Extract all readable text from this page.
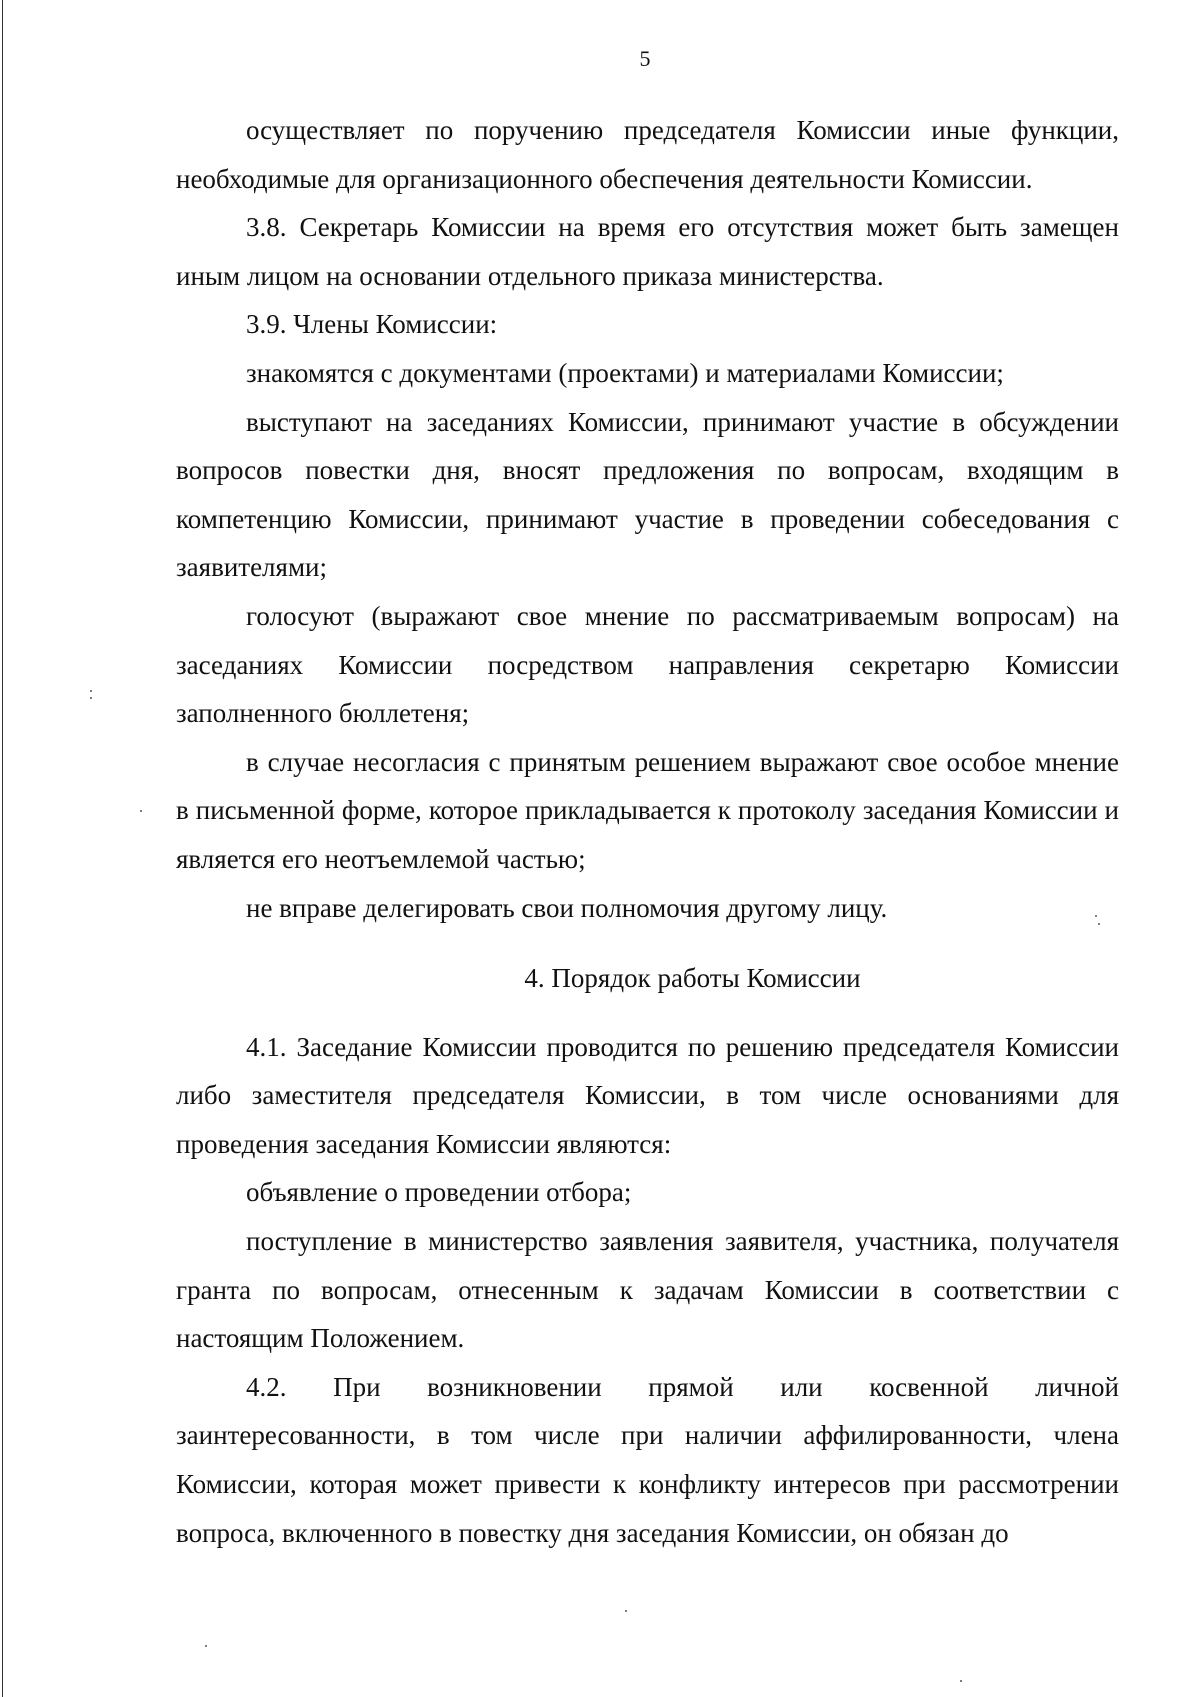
5

осуществляет по поручению председателя Комиссии иные функции, необходимые для организационного обеспечения деятельности Комиссии.

3.8. Секретарь Комиссии на время его отсутствия может быть замещен иным лицом на основании отдельного приказа министерства.

3.9. Члены Комиссии:

знакомятся с документами (проектами) и материалами Комиссии;

выступают на заседаниях Комиссии, принимают участие в обсуждении вопросов повестки дня, вносят предложения по вопросам, входящим в компетенцию Комиссии, принимают участие в проведении собеседования с заявителями;

голосуют (выражают свое мнение по рассматриваемым вопросам) на заседаниях Комиссии посредством направления секретарю Комиссии заполненного бюллетеня;

в случае несогласия с принятым решением выражают свое особое мнение в письменной форме, которое прикладывается к протоколу заседания Комиссии и является его неотъемлемой частью;

не вправе делегировать свои полномочия другому лицу.

4. Порядок работы Комиссии

4.1. Заседание Комиссии проводится по решению председателя Комиссии либо заместителя председателя Комиссии, в том числе основаниями для проведения заседания Комиссии являются:

объявление о проведении отбора;

поступление в министерство заявления заявителя, участника, получателя гранта по вопросам, отнесенным к задачам Комиссии в соответствии с настоящим Положением.

4.2. При возникновении прямой или косвенной личной заинтересованности, в том числе при наличии аффилированности, члена Комиссии, которая может привести к конфликту интересов при рассмотрении вопроса, включенного в повестку дня заседания Комиссии, он обязан до
